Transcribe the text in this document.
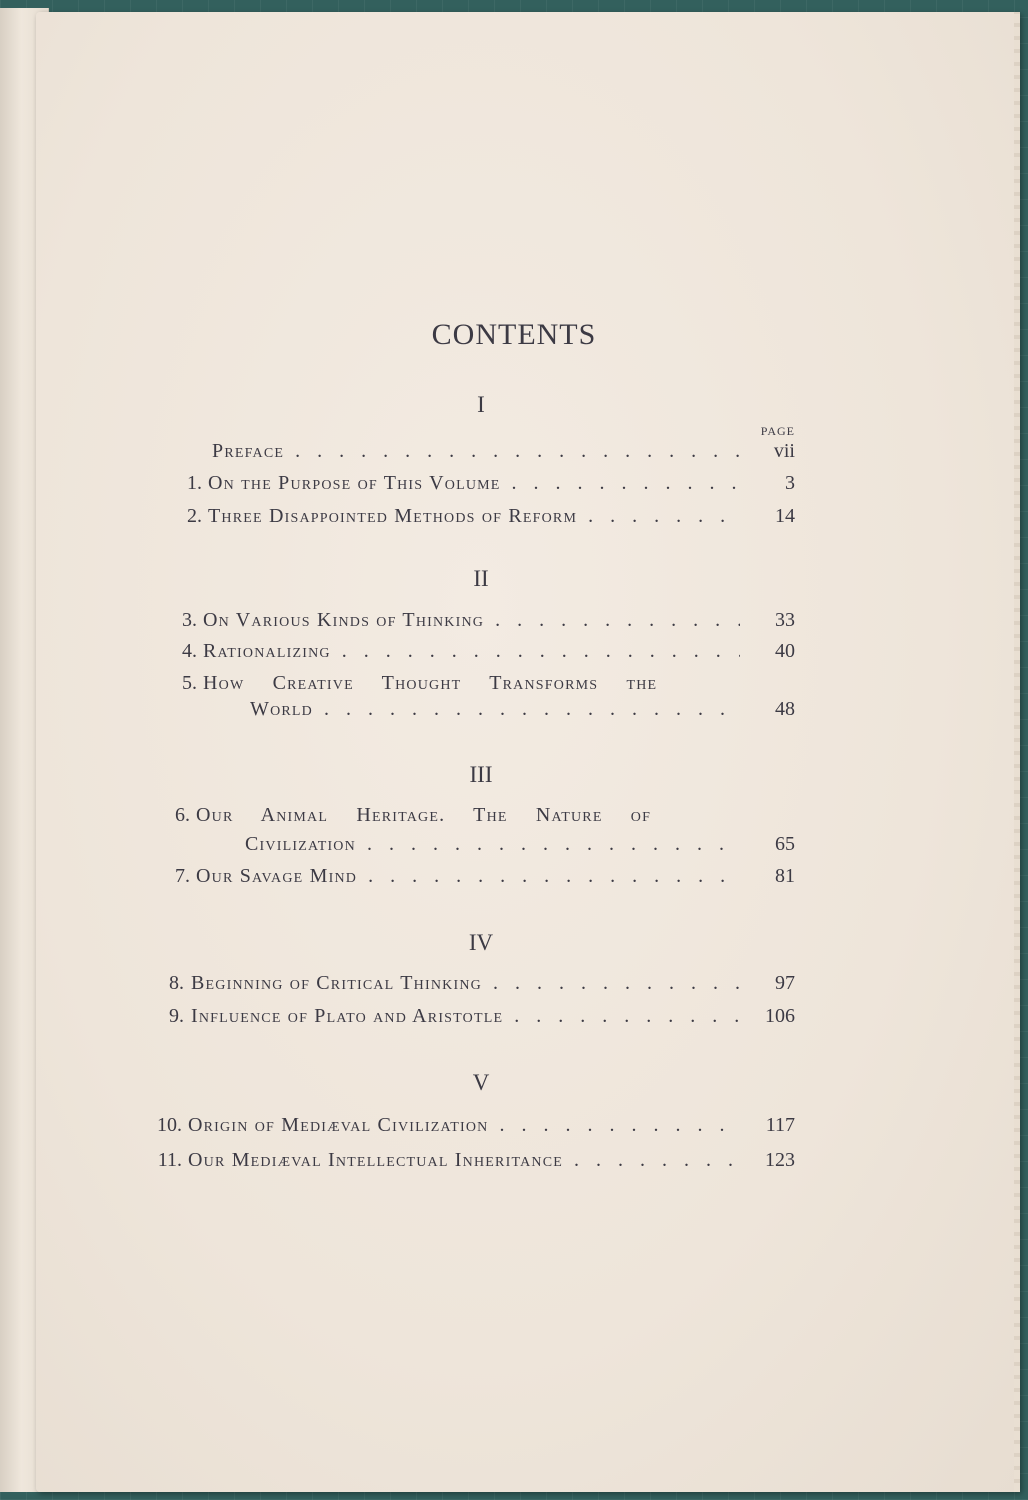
CONTENTS
I
PAGE
Preface . . .	vii
1. On the Purpose of This Volume . . .	3
2. Three Disappointed Methods of Reform . . .	14
II
3. On Various Kinds of Thinking . . .	33
4. Rationalizing . . .	40
5. How Creative Thought Transforms the
World . . .	48
III
6. Our Animal Heritage. The Nature of
Civilization . . .	65
7. Our Savage Mind . . .	81
IV
8. Beginning of Critical Thinking . . .	97
9. Influence of Plato and Aristotle . . .	106
V
10. Origin of Mediæval Civilization . . .	117
11. Our Mediæval Intellectual Inheritance . . .	123
